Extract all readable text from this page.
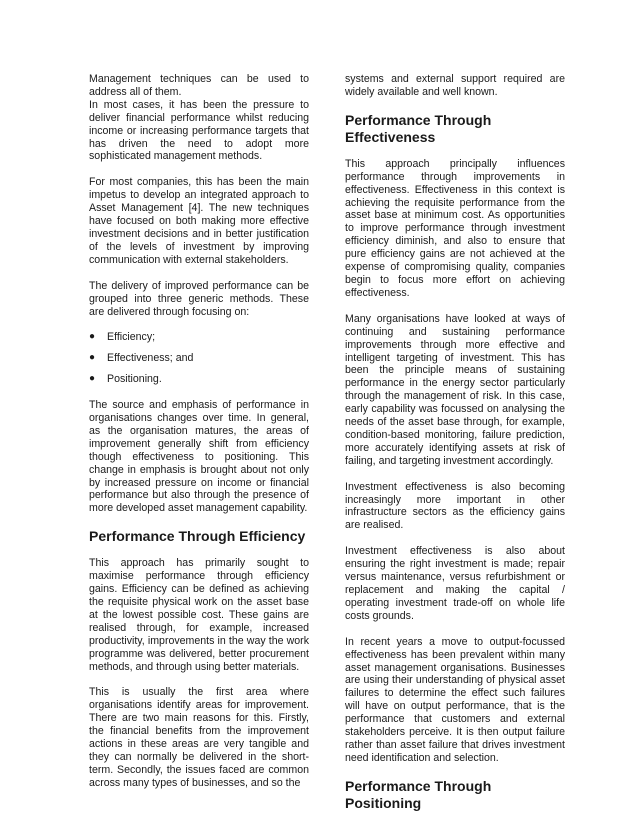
Management techniques can be used to address all of them.

In most cases, it has been the pressure to deliver financial performance whilst reducing income or increasing performance targets that has driven the need to adopt more sophisticated management methods.

For most companies, this has been the main impetus to develop an integrated approach to Asset Management [4]. The new techniques have focused on both making more effective investment decisions and in better justification of the levels of investment by improving communication with external stakeholders.

The delivery of improved performance can be grouped into three generic methods. These are delivered through focusing on:

● Efficiency;
● Effectiveness; and
● Positioning.

The source and emphasis of performance in organisations changes over time. In general, as the organisation matures, the areas of improvement generally shift from efficiency though effectiveness to positioning. This change in emphasis is brought about not only by increased pressure on income or financial performance but also through the presence of more developed asset management capability.

Performance Through Efficiency

This approach has primarily sought to maximise performance through efficiency gains. Efficiency can be defined as achieving the requisite physical work on the asset base at the lowest possible cost. These gains are realised through, for example, increased productivity, improvements in the way the work programme was delivered, better procurement methods, and through using better materials.

This is usually the first area where organisations identify areas for improvement. There are two main reasons for this. Firstly, the financial benefits from the improvement actions in these areas are very tangible and they can normally be delivered in the short-term. Secondly, the issues faced are common across many types of businesses, and so the

systems and external support required are widely available and well known.

Performance Through Effectiveness

This approach principally influences performance through improvements in effectiveness. Effectiveness in this context is achieving the requisite performance from the asset base at minimum cost. As opportunities to improve performance through investment efficiency diminish, and also to ensure that pure efficiency gains are not achieved at the expense of compromising quality, companies begin to focus more effort on achieving effectiveness.

Many organisations have looked at ways of continuing and sustaining performance improvements through more effective and intelligent targeting of investment. This has been the principle means of sustaining performance in the energy sector particularly through the management of risk. In this case, early capability was focussed on analysing the needs of the asset base through, for example, condition-based monitoring, failure prediction, more accurately identifying assets at risk of failing, and targeting investment accordingly.

Investment effectiveness is also becoming increasingly more important in other infrastructure sectors as the efficiency gains are realised.

Investment effectiveness is also about ensuring the right investment is made; repair versus maintenance, versus refurbishment or replacement and making the capital / operating investment trade-off on whole life costs grounds.

In recent years a move to output-focussed effectiveness has been prevalent within many asset management organisations. Businesses are using their understanding of physical asset failures to determine the effect such failures will have on output performance, that is the performance that customers and external stakeholders perceive. It is then output failure rather than asset failure that drives investment need identification and selection.

Performance Through Positioning
